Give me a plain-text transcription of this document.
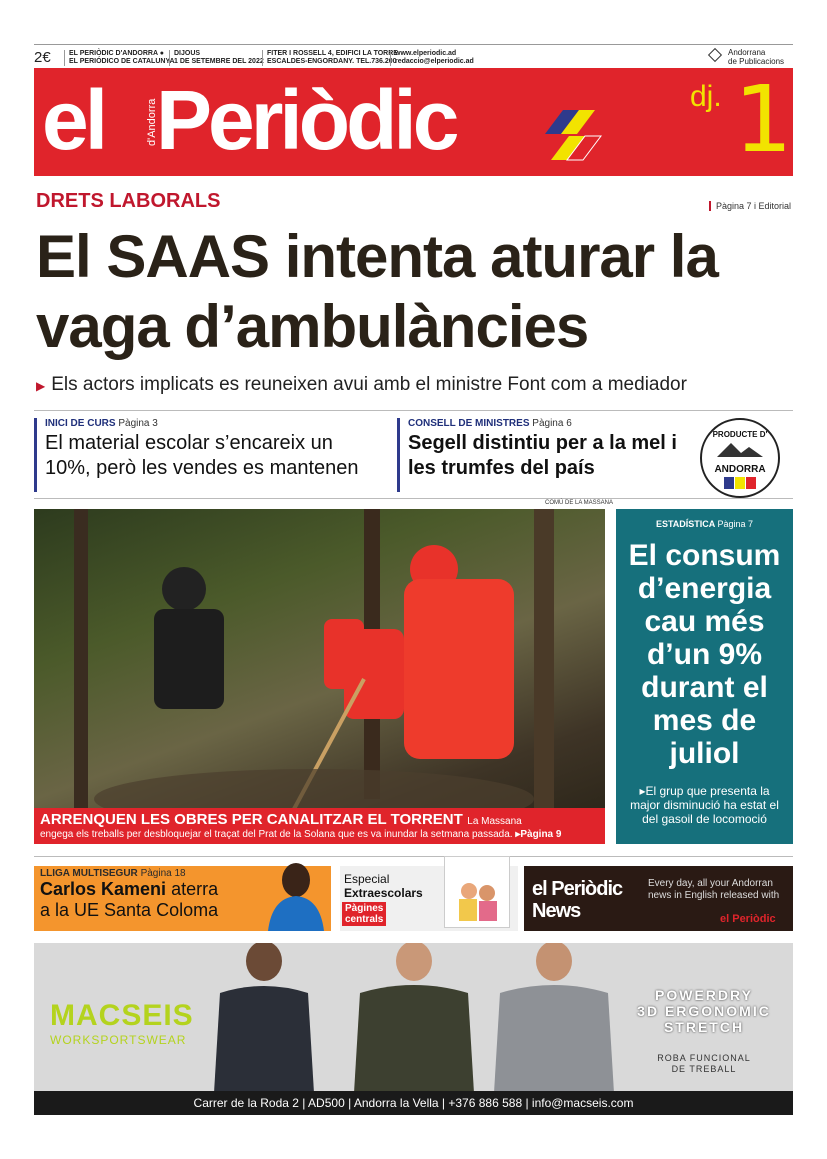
2€	EL PERIÒDIC D'ANDORRA ●
EL PERIÓDICO DE CATALUNYA
DIJOUS
1 DE SETEMBRE DEL 2022
FITER I ROSSELL 4, EDIFICI LA TORRE
ESCALDES-ENGORDANY. TEL.736.200
www.elperiodic.ad
redaccio@elperiodic.ad
Andorrana
de Publicacions
el	d'Andorra
Periòdic	dj. 1
DRETS LABORALS	Pàgina 7 i Editorial
El SAAS intenta aturar la vaga d’ambulàncies
▶ Els actors implicats es reuneixen avui amb el ministre Font com a mediador
INICI DE CURS Pàgina 3
El material escolar s’encareix un 10%, però les vendes es mantenen
CONSELL DE MINISTRES Pàgina 6
Segell distintiu per a la mel i les trumfes del país
PRODUCTE D'
ANDORRA
COMÚ DE LA MASSANA
ARRENQUEN LES OBRES PER CANALITZAR EL TORRENT La Massana
engega els treballs per desbloquejar el traçat del Prat de la Solana que es va inundar la setmana passada. ▸Pàgina 9
ESTADÍSTICA Pàgina 7
El consum d’energia cau més d’un 9% durant el mes de juliol
▸El grup que presenta la major disminució ha estat el del gasoil de locomoció
LLIGA MULTISEGUR Pàgina 18
Carlos Kameni aterra
a la UE Santa Coloma
Especial
Extraescolars
Pàgines
centrals
el Periòdic
News
Every day, all your Andorran news in English released with
el Periòdic
MACSEIS
WORKSPORTSWEAR
POWERDRY
3D ERGONOMIC
STRETCH
ROBA FUNCIONAL
DE TREBALL
Carrer de la Roda 2 | AD500 | Andorra la Vella | +376 886 588 | info@macseis.com
